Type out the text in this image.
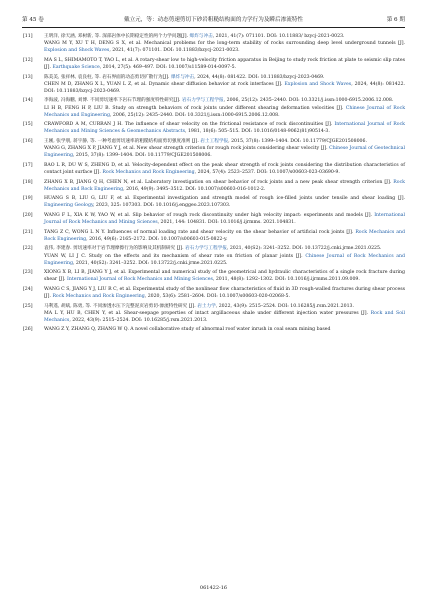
第 45 卷	戴立元，等：动态剪速剪切下砂岩粗糙结构面的力学行为及瞬后渗流特性	第 6 期
[11] 王明洋, 徐天涵, 邓树新, 等. 深部岩体中长期稳定性的两个力学问题[J]. 爆炸与冲击, 2021, 41(7): 071101. DOI: 10.11883/ bzycj-2021-0023.
WANG M Y, XU T H, DENG S X, et al. Mechanical problems for the long-term stability of rocks surrounding deep level underground tunnels [J]. Explosion and Shock Waves, 2021, 41(7): 071101. DOI: 10.11883/bzycj-2021-0023.
[12] MA S L, SHIMAMOTO T, YAO L, et al. A rotary-shear low to high-velocity friction apparatus in Beijing to study rock friction at plate to seismic slip rates [J]. Earthquake Science, 2014, 27(5): 469–497. DOI: 10.1007/s11589-014-0097-5.
[13] 陈美美, 张祥林, 袁良柱, 等. 岩石界面的动态剪切扩散行为[J]. 爆炸与冲击, 2024, 44(8): 081422. DOI: 10.11883/bzycj-2023-0469.
CHEN M D, ZHANG X L, YUAN L Z, et al. Dynamic shear diffusion behavior at rock interfaces [J]. Explosion and Shock Waves, 2024, 44(8): 081422. DOI: 10.11883/bzycj-2023-0469.
[14] 李海波, 冯海鹏, 刘博. 不同剪切速率下岩石节理的强度特性研究[J]. 岩石力学与工程学报, 2006, 25(12): 2435–2440. DOI: 10.3321/j.issn:1000-6915.2006.12.008.
LI H B, FENG H P, LIU B. Study on strength behaviors of rock joints under different shearing deformation velocities [J]. Chinese Journal of Rock Mechanics and Engineering, 2006, 25(12): 2435–2440. DOI: 10.3321/j.issn:1000-6915.2006.12.008.
[15] CRAWFORD A M, CURRAN J H. The influence of shear velocity on the frictional resistance of rock discontinuities [J]. International Journal of Rock Mechanics and Mining Sciences & Geomechanics Abstracts, 1981, 18(6): 505–515. DOI: 10.1016/0148-9062(81)90514-3.
[16] 王刚, 张学朋, 蒋宇静, 等. 一种考虑剪切速率的粗糙结构面剪切强度准则 [J]. 岩土工程学报, 2015, 37(8): 1399–1404. DOI: 10.11779/CJGE201508006.
WANG G, ZHANG X P, JIANG Y J, et al. New shear strength criterion for rough rock joints considering shear velocity [J]. Chinese Journal of Geotechnical Engineering, 2015, 37(8): 1399–1404. DOI: 10.11779/CJGE201508006.
[17] BAO L R, DU W S, ZHENG D, et al. Velocity-dependent effect on the peak shear strength of rock joints considering the distribution characteristics of contact joint surface [J]. Rock Mechanics and Rock Engineering, 2024, 57(4): 2523–2537. DOI: 10.1007/s00603-023-03690-9.
[18] ZHANG X B, JIANG Q H, CHEN N, et al. Laboratory investigation on shear behavior of rock joints and a new peak shear strength criterion [J]. Rock Mechanics and Rock Engineering, 2016, 49(9): 3495–3512. DOI: 10.1007/s00603-016-1012-2.
[19] HUANG S B, LIU G, LIU F, et al. Experimental investigation and strength model of rough ice-filled joints under tensile and shear loading [J]. Engineering Geology, 2023, 325: 107303. DOI: 10.1016/j.enggeo.2023.107303.
[20] WANG F L, XIA K W, YAO W, et al. Slip behavior of rough rock discontinuity under high velocity impact: experiments and models [J]. International Journal of Rock Mechanics and Mining Sciences, 2021, 144: 104831. DOI: 10.1016/j.ijrmms. 2021.104831.
[21] TANG Z C, WONG L N Y. Influences of normal loading rate and shear velocity on the shear behavior of artificial rock joints [J]. Rock Mechanics and Rock Engineering, 2016, 49(6): 2165–2172. DOI: 10.1007/s00603-015-0822-y.
[22] 袁伟, 李建春. 剪切速率对于岩节理摩擦行为的影响及其机制研究 [J]. 岩石力学与工程学报, 2021, 40(S2): 3241–3252. DOI: 10.13722/j.cnki.jrme.2021.0225.
YUAN W, LI J C. Study on the effects and its mechanism of shear rate on friction of planar joints [J]. Chinese Journal of Rock Mechanics and Engineering, 2021, 40(S2): 3241–3252. DOI: 10.13722/j.cnki.jrme.2021.0225.
[23] XIONG X B, LI B, JIANG Y J, et al. Experimental and numerical study of the geometrical and hydraulic characteristics of a single rock fracture during shear [J]. International Journal of Rock Mechanics and Mining Sciences, 2011, 48(8): 1292–1302. DOI: 10.1016/j.ijrmms.2011.09.009.
[24] WANG C S, JIANG Y J, LIU R C, et al. Experimental study of the nonlinear flow characteristics of fluid in 3D rough-walled fractures during shear process [J]. Rock Mechanics and Rock Engineering, 2020, 53(6): 2581–2604. DOI: 10.1007/s00603-020-02068-5.
[25] 马利遥, 胡斌, 陈勇, 等. 不同渗透水压下完整泥页岩剪切-渗流特性研究 [J]. 岩土力学, 2022, 43(9): 2515–2524. DOI: 10.16285/j.rsm.2021.2013.
MA L Y, HU B, CHEN Y, et al. Shear-seepage properties of intact argillaceous shale under different injection water pressures [J]. Rock and Soil Mechanics, 2022, 43(9): 2515–2524. DOI: 10.16285/j.rsm.2021.2013.
[26] WANG Z Y, ZHANG Q, ZHANG W Q. A novel collaborative study of abnormal roof water inrush in coal seam mining based
061422-16
